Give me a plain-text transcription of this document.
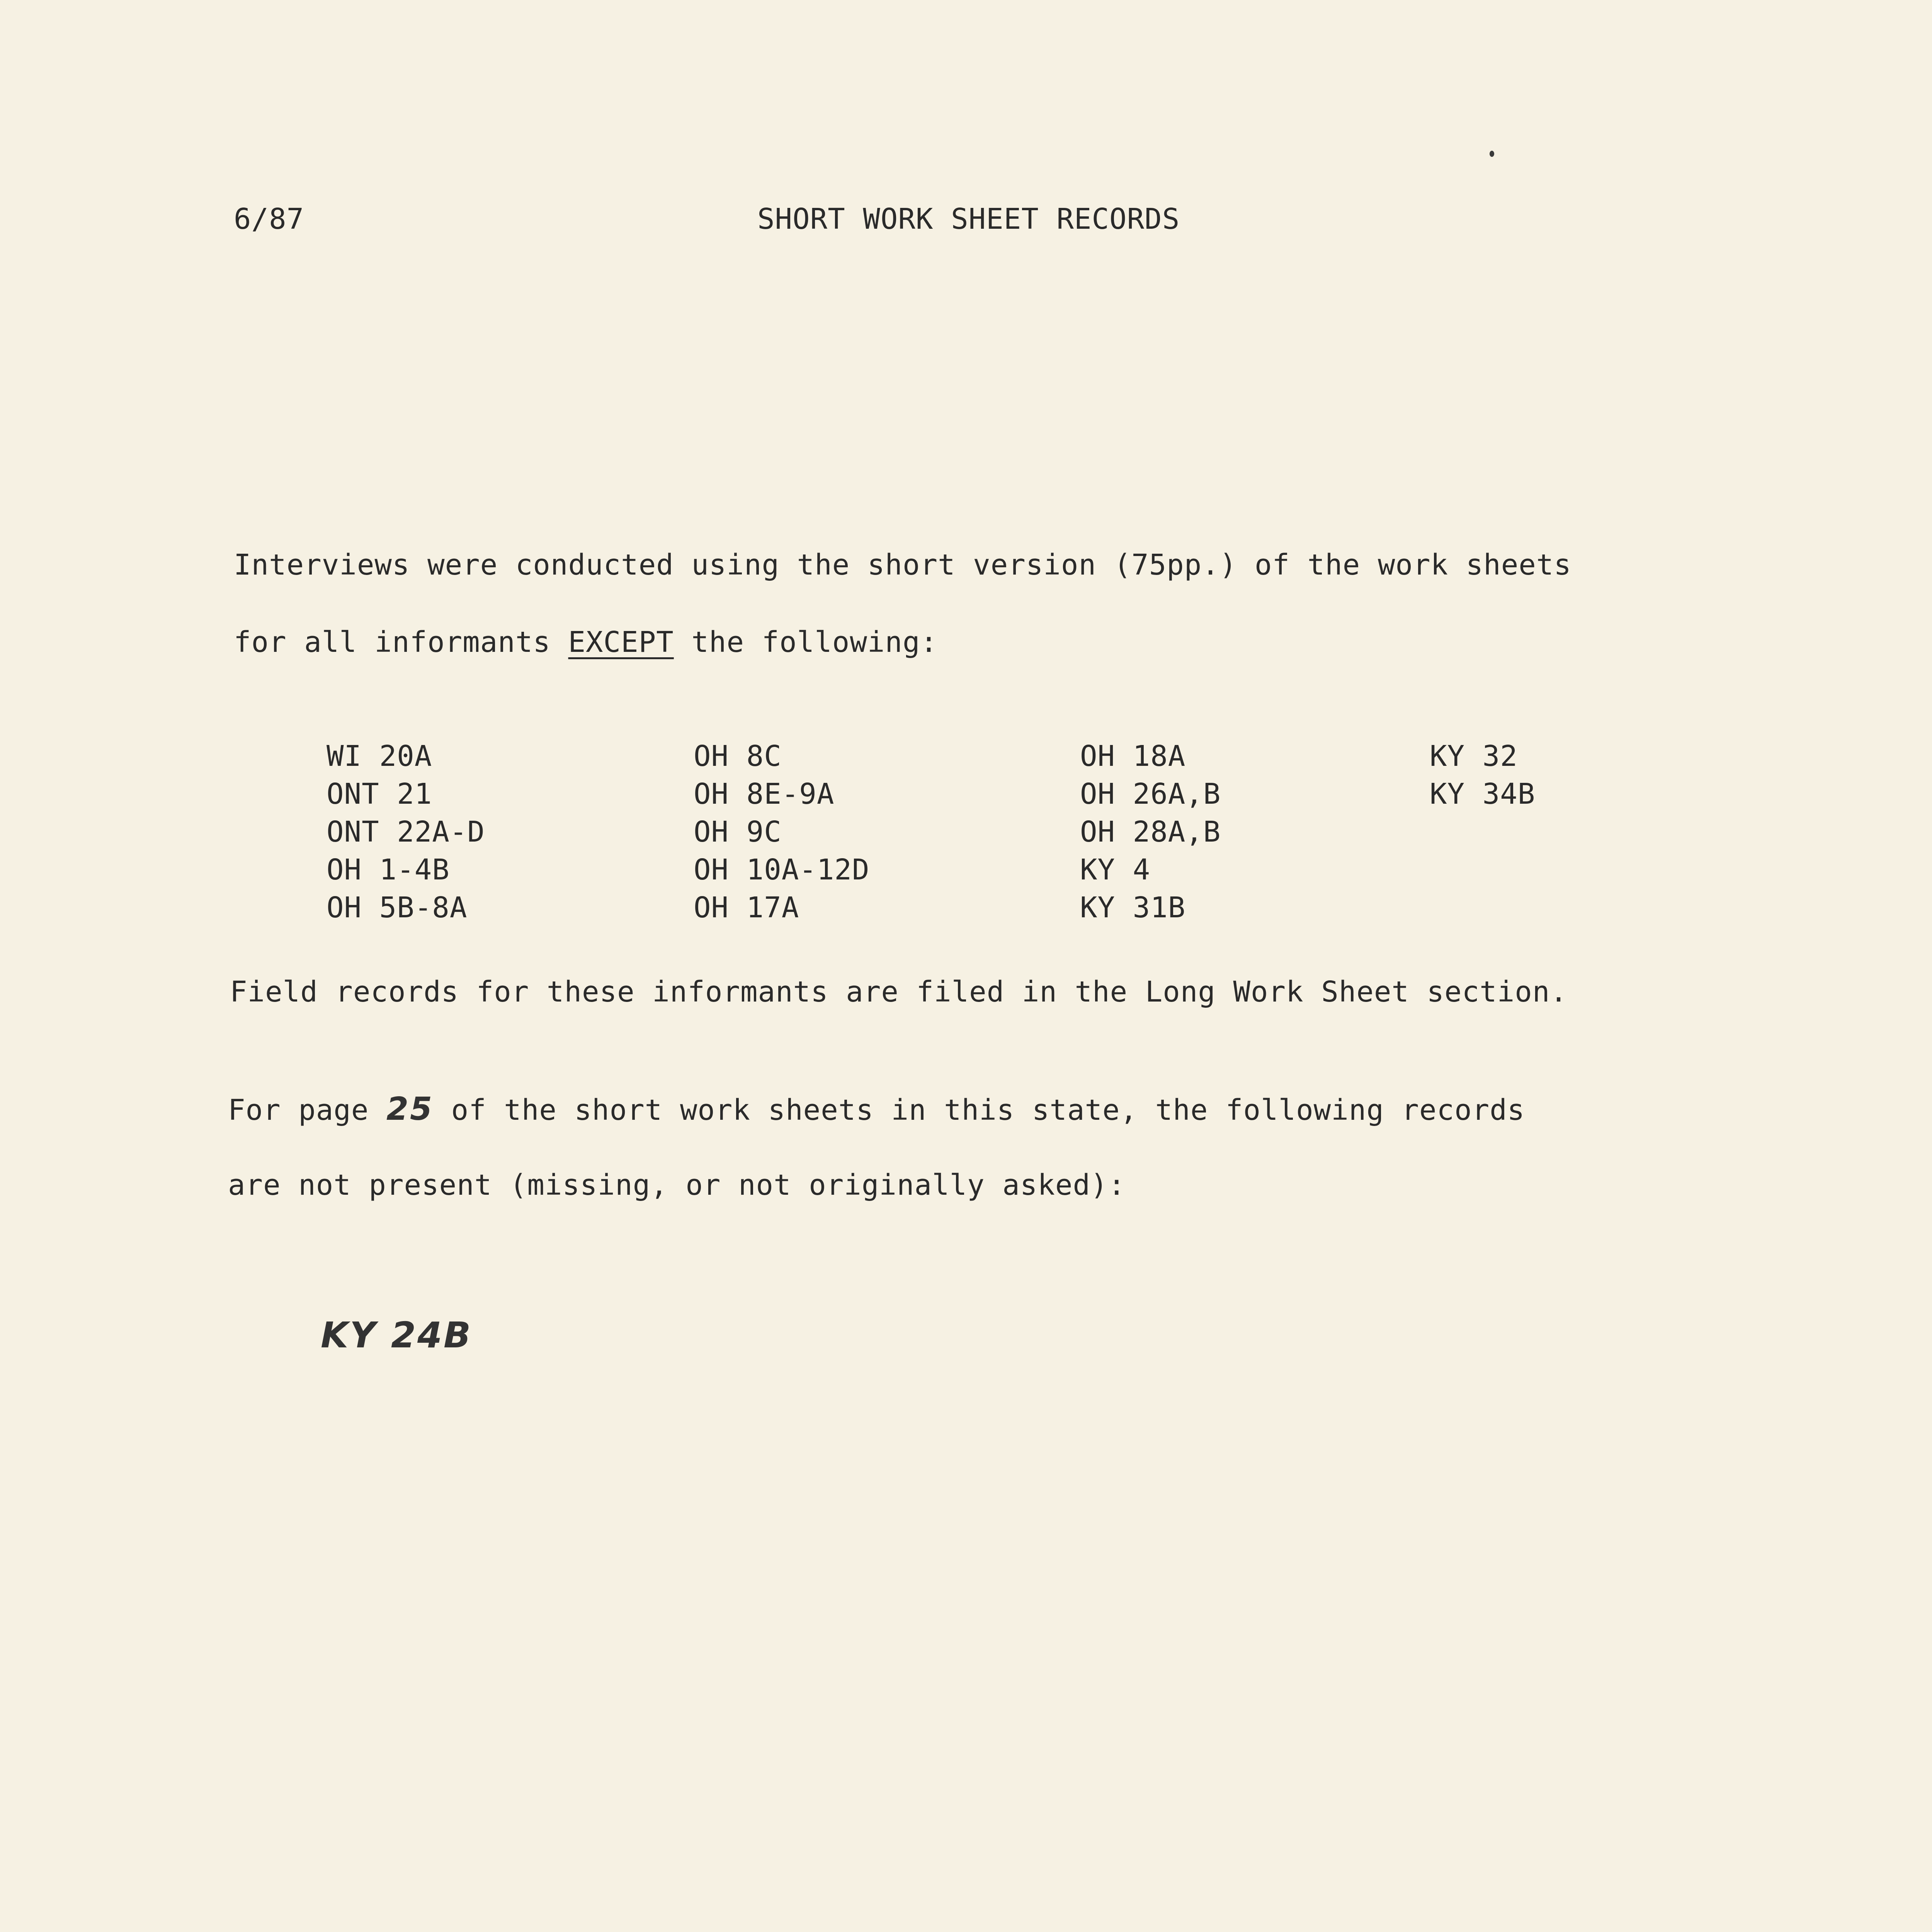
6/87	SHORT WORK SHEET RECORDS
Interviews were conducted using the short version (75pp.) of the work sheets
for all informants EXCEPT the following:
WI 20A
ONT 21
ONT 22A-D
OH 1-4B
OH 5B-8A
OH 8C
OH 8E-9A
OH 9C
OH 10A-12D
OH 17A
OH 18A
OH 26A,B
OH 28A,B
KY 4
KY 31B
KY 32
KY 34B
Field records for these informants are filed in the Long Work Sheet section.
For page 25 of the short work sheets in this state, the following records
are not present (missing, or not originally asked):
KY 24B
